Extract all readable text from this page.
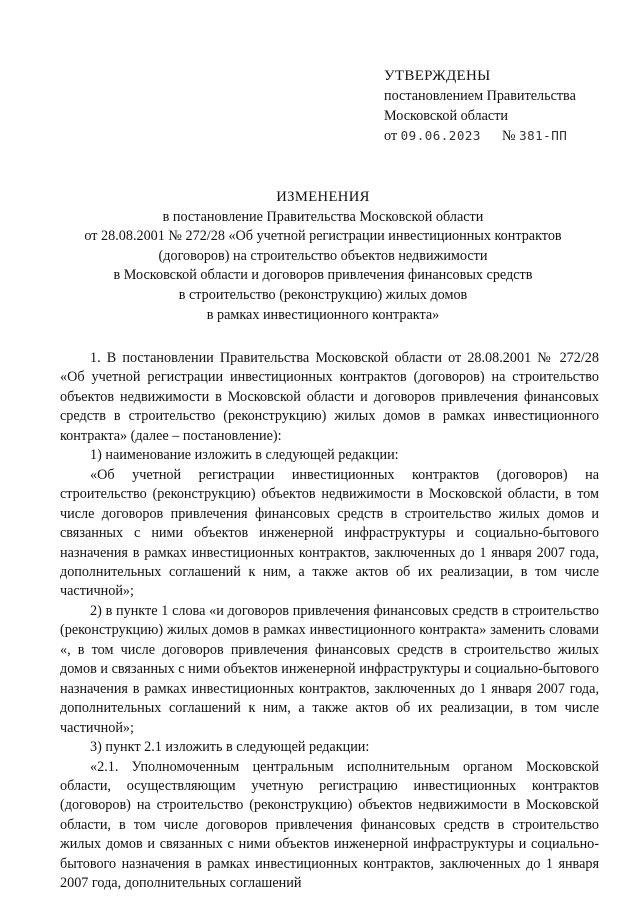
УТВЕРЖДЕНЫ
постановлением Правительства
Московской области
от 09.06.2023 № 381-ПП
ИЗМЕНЕНИЯ
в постановление Правительства Московской области
от 28.08.2001 № 272/28 «Об учетной регистрации инвестиционных контрактов
(договоров) на строительство объектов недвижимости
в Московской области и договоров привлечения финансовых средств
в строительство (реконструкцию) жилых домов
в рамках инвестиционного контракта»

1. В постановлении Правительства Московской области от 28.08.2001 № 272/28 «Об учетной регистрации инвестиционных контрактов (договоров) на строительство объектов недвижимости в Московской области и договоров привлечения финансовых средств в строительство (реконструкцию) жилых домов в рамках инвестиционного контракта» (далее – постановление):

1) наименование изложить в следующей редакции:

«Об учетной регистрации инвестиционных контрактов (договоров) на строительство (реконструкцию) объектов недвижимости в Московской области, в том числе договоров привлечения финансовых средств в строительство жилых домов и связанных с ними объектов инженерной инфраструктуры и социально-бытового назначения в рамках инвестиционных контрактов, заключенных до 1 января 2007 года, дополнительных соглашений к ним, а также актов об их реализации, в том числе частичной»;

2) в пункте 1 слова «и договоров привлечения финансовых средств в строительство (реконструкцию) жилых домов в рамках инвестиционного контракта» заменить словами «, в том числе договоров привлечения финансовых средств в строительство жилых домов и связанных с ними объектов инженерной инфраструктуры и социально-бытового назначения в рамках инвестиционных контрактов, заключенных до 1 января 2007 года, дополнительных соглашений к ним, а также актов об их реализации, в том числе частичной»;

3) пункт 2.1 изложить в следующей редакции:

«2.1. Уполномоченным центральным исполнительным органом Московской области, осуществляющим учетную регистрацию инвестиционных контрактов (договоров) на строительство (реконструкцию) объектов недвижимости в Московской области, в том числе договоров привлечения финансовых средств в строительство жилых домов и связанных с ними объектов инженерной инфраструктуры и социально-бытового назначения в рамках инвестиционных контрактов, заключенных до 1 января 2007 года, дополнительных соглашений
